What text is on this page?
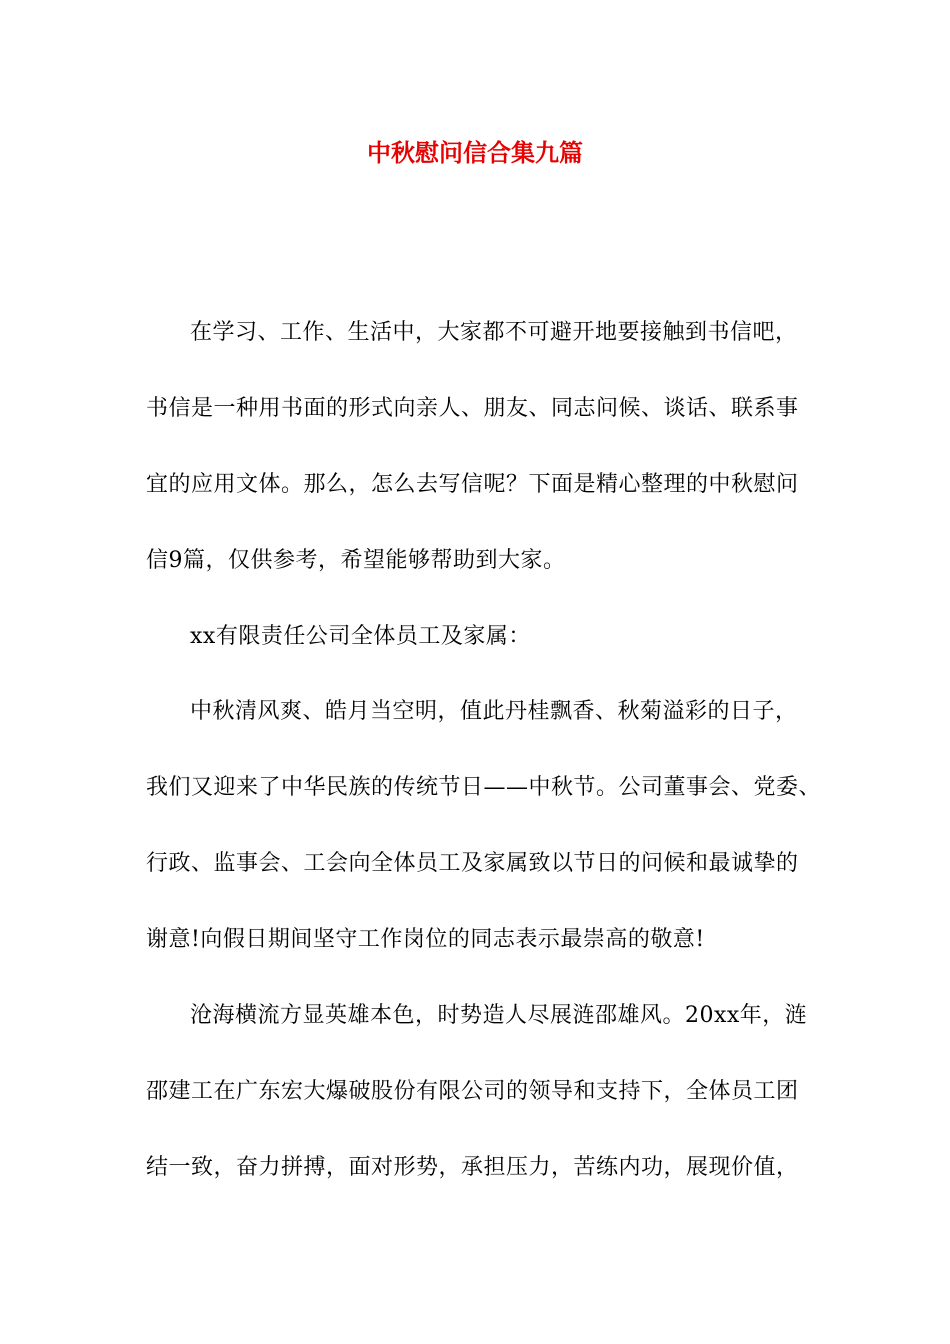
中秋慰问信合集九篇

在学习、工作、生活中，大家都不可避开地要接触到书信吧，

书信是一种用书面的形式向亲人、朋友、同志问候、谈话、联系事

宜的应用文体。那么，怎么去写信呢？下面是精心整理的中秋慰问

信9篇，仅供参考，希望能够帮助到大家。

xx有限责任公司全体员工及家属：

中秋清风爽、皓月当空明，值此丹桂飘香、秋菊溢彩的日子，

我们又迎来了中华民族的传统节日——中秋节。公司董事会、党委、

行政、监事会、工会向全体员工及家属致以节日的问候和最诚挚的

谢意!向假日期间坚守工作岗位的同志表示最崇高的敬意!

沧海横流方显英雄本色，时势造人尽展涟邵雄风。20xx年，涟

邵建工在广东宏大爆破股份有限公司的领导和支持下，全体员工团

结一致，奋力拼搏，面对形势，承担压力，苦练内功，展现价值，
